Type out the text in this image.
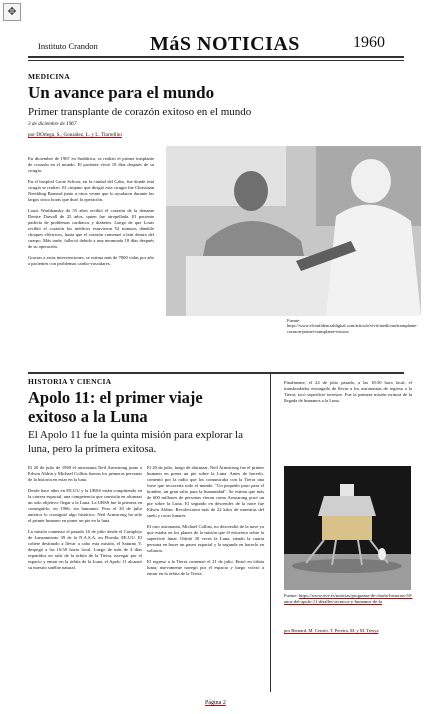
✥
Instituto Crandon	MáS NOTICIAS	1960
MEDICINA
Un avance para el mundo
Primer transplante de corazón exitoso en el mundo
3 de diciembre de 1967
por DOrtega, S., González, L. y L. Tlarrellini

En diciembre de 1967 en Sudáfrica, se realizó el primer trasplante de corazón en el mundo. El paciente vivió 18 días después de su cirugía.

En el hospital Grote Schoor, en la ciudad del Cabo, fue donde está cirugía se realizó. El cirujano que dirigió esta cirugía fue Christiaan Neethling Barnard junto a otros veinte que lo ayudaron durante las largas cinco horas que duró la operación.

Louis Washkansky de 55 años recibió el corazón de la donante Denise Darvall de 25 años, quien fue atropellada. El paciente padecía de problemas cardiacos y diabetes. Luego de que Louis recibió el corazón los médicos estuvieron 52 minutos dándole choques eléctricos, hasta que el corazón comenzó a latir dentro del cuerpo. Más tarde, falleció debido a una neumonía 18 días después de su operación.

Gracias a estas intervenciones, se estima más de 7000 vidas por año a pacientes con problemas cardio-vasculares.

Fuente: https://www.elconfidencialdigital.com/articulo/vivir/medicina/transplante-corazon-primer-transplante-exitoso
HISTORIA Y CIENCIA
Apolo 11: el primer viaje
exitoso a la Luna
El Apolo 11 fue la quinta misión para explorar la luna, pero la primera exitosa.

El 20 de julio de 1969 el astronauta Neil Armstrong junto a Edwin Aldrin y Michael Collins fueron los primeras personas de la historia en estar en la luna.

Desde hace años en EE.UU y la URSS están compitiendo en la carrera espacial, una competencia que consistía en alcanzar un solo objetivo: llegar a la Luna. La URSS fue la primera en conseguirlo, en 1966, sin humanos. Pero el 20 de julio anterior lo consiguió algo histórico: Neil Armstrong ha sido el primer humano en poner un pie en la luna.

La misión comenzó el pasado 16 de julio desde el Complejo de Lanzamiento 39 de la N.A.S.A, en Florida, EE.UU. El cohete destinado a llevar a cabo esta misión, el Saturno V, despegó a las 16:50 horas local. Luego de más de 4 días repartidos en salir de la órbita de la Tierra, navegar por el espacio y entrar en la órbita de la Luna, el Apolo 11 alcanzó su nuestro satélite natural.

El 20 de julio, luego de aluinizar, Neil Armstrong fue el primer humano en poner un pie sobre la Luna. Antes de hacerlo, comentó por la radio que los comunicaba con la Tierra una frase que recorrería todo el mundo: "Un pequeño paso para el hombre, un gran salto para la humanidad". Se estima que más de 600 millones de personas vieron como Armstrong posó un pie sobre la Luna. El segundo en descender de la nave fue Edwin Aldrin. Recolectaron más de 22 kilos de muestras del suelo y rocas lunares.

El otro astronauta, Michael Collins, no descendió de la nave ya que estaba en los planes de la misión que él estuviera sobre la superficie lunar. Orbitó 30 veces la Luna, siendo la cuarta persona en hacer un paseo espacial y la segunda en hacerlo en solitario.

El regreso a la Tierra comenzó el 21 de julio. Entró en órbita lunar, nuevamente navegó por el espacio y luego volvió a entrar en la órbita de la Tierra.

Finalmente, el 24 de julio pasado, a las 18:50 hora local, el transbordador encargado de llevar a los astronautas de regreso a la Tierra, tocó superficie terrestre. Fue la primera misión exitosa de la llegada de humanos a la Luna.

Fuente: https://www.rtve.es/noticias/programa-de-charla-historias-50-anos-del-apolo-11-detalles-tecnicos-y-humanos-de-la
por Bernard, M. Cerritó, T. Pereira, M. y M. Tresya
Página 2
